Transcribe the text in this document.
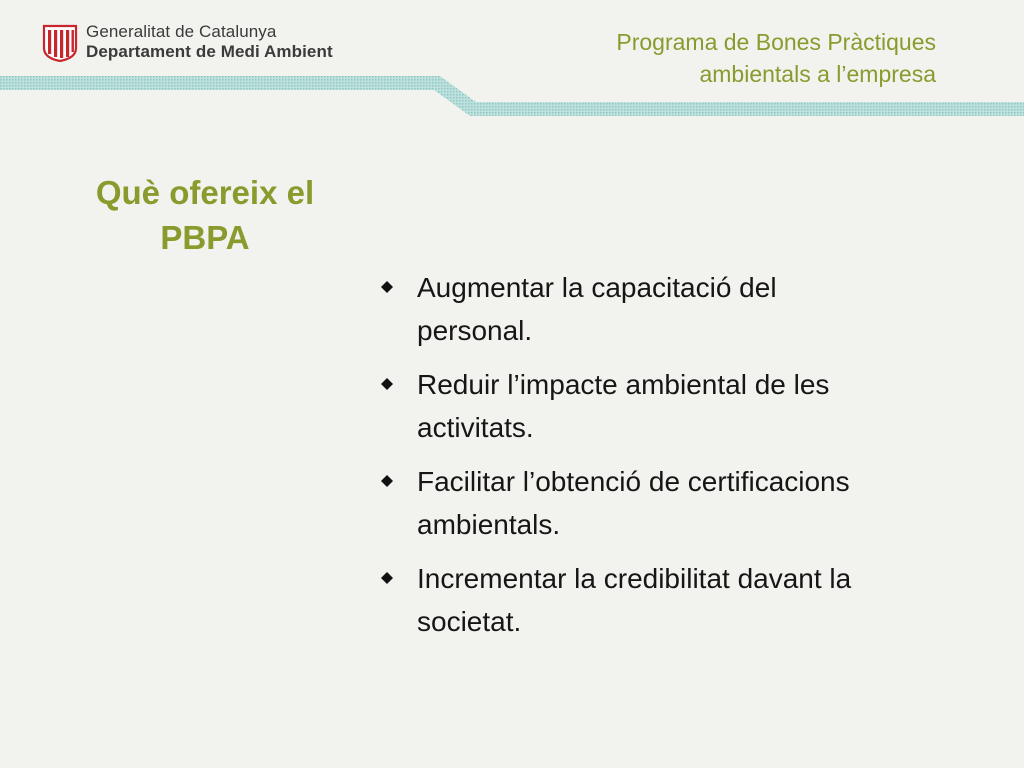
Generalitat de Catalunya
Departament de Medi Ambient	Programa de Bones Pràctiques
ambientals a l’empresa
Què ofereix el
PBPA
Augmentar la capacitació del
personal.
Reduir l’impacte ambiental de les
activitats.
Facilitar l’obtenció de certificacions
ambientals.
Incrementar la credibilitat davant la
societat.
